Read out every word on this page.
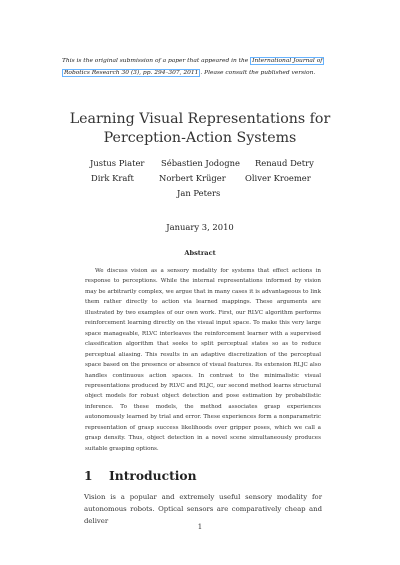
This is the original submission of a paper that appeared in the International Journal of
Robotics Research 30 (3), pp. 294–307, 2011 . Please consult the published version.
Learning Visual Representations for
Perception-Action Systems
Justus Piater Sébastien Jodogne Renaud Detry
Dirk Kraft	Norbert Krüger Oliver Kroemer
Jan Peters
January 3, 2010
Abstract
We discuss vision as a sensory modality for systems that effect actions in response to perceptions. While the internal representations informed by vision may be arbitrarily complex, we argue that in many cases it is advantageous to link them rather directly to action via learned mappings. These arguments are illustrated by two examples of our own work. First, our RLVC algorithm performs reinforcement learning directly on the visual input space. To make this very large space manageable, RLVC interleaves the reinforcement learner with a supervised classification algorithm that seeks to split perceptual states so as to reduce perceptual aliasing. This results in an adaptive discretization of the perceptual space based on the presence or absence of visual features. Its extension RLJC also handles continuous action spaces. In contrast to the minimalistic visual representations produced by RLVC and RLJC, our second method learns structural object models for robust object detection and pose estimation by probabilistic inference. To these models, the method associates grasp experiences autonomously learned by trial and error. These experiences form a nonparametric representation of grasp success likelihoods over gripper poses, which we call a grasp density. Thus, object detection in a novel scene simultaneously produces suitable grasping options.
1 Introduction
Vision is a popular and extremely useful sensory modality for autonomous robots. Optical sensors are comparatively cheap and deliver
1
